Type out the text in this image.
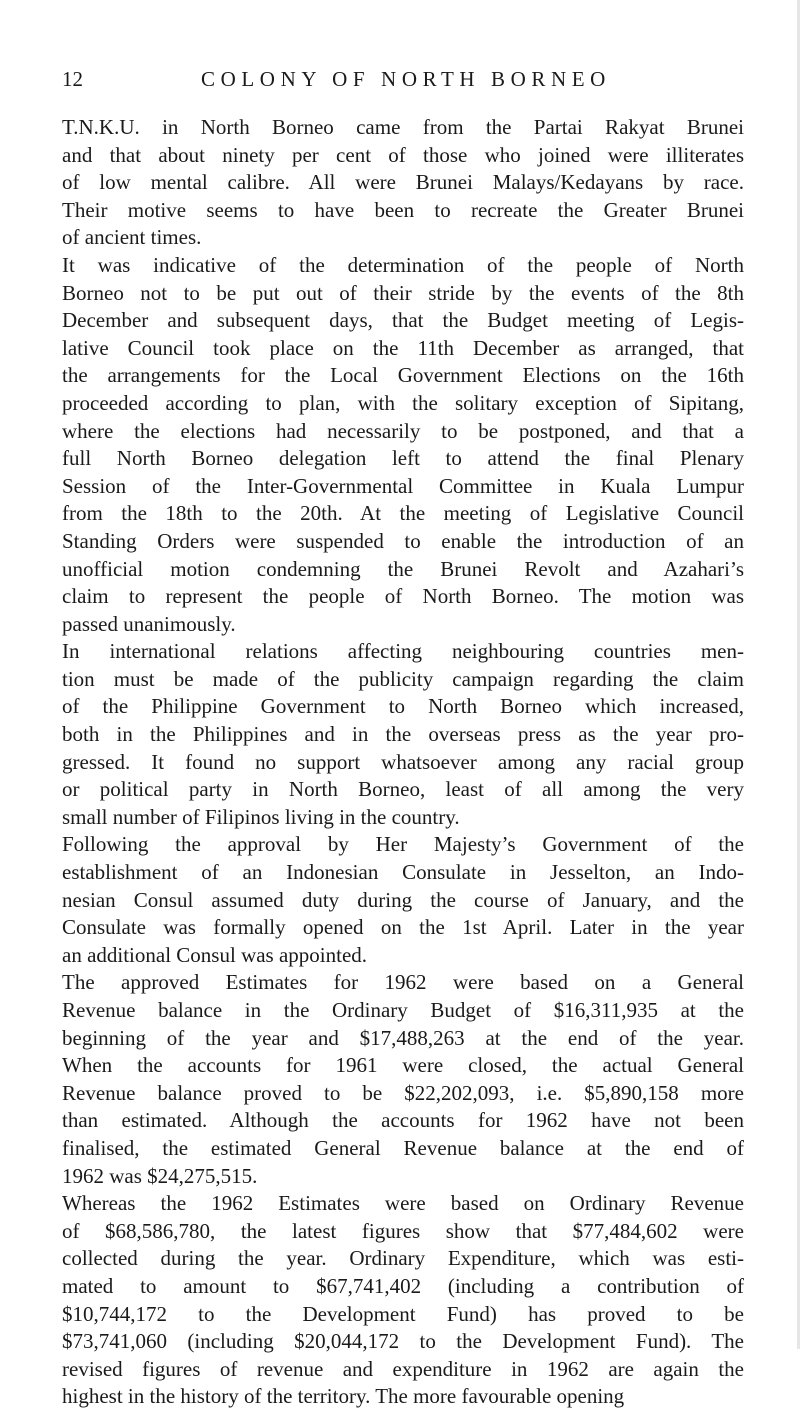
12	COLONY OF NORTH BORNEO
T.N.K.U. in North Borneo came from the Partai Rakyat Brunei
and that about ninety per cent of those who joined were illiterates
of low mental calibre. All were Brunei Malays/Kedayans by race.
Their motive seems to have been to recreate the Greater Brunei
of ancient times.
It was indicative of the determination of the people of North
Borneo not to be put out of their stride by the events of the 8th
December and subsequent days, that the Budget meeting of Legis-
lative Council took place on the 11th December as arranged, that
the arrangements for the Local Government Elections on the 16th
proceeded according to plan, with the solitary exception of Sipitang,
where the elections had necessarily to be postponed, and that a
full North Borneo delegation left to attend the final Plenary
Session of the Inter-Governmental Committee in Kuala Lumpur
from the 18th to the 20th. At the meeting of Legislative Council
Standing Orders were suspended to enable the introduction of an
unofficial motion condemning the Brunei Revolt and Azahari’s
claim to represent the people of North Borneo. The motion was
passed unanimously.
In international relations affecting neighbouring countries men-
tion must be made of the publicity campaign regarding the claim
of the Philippine Government to North Borneo which increased,
both in the Philippines and in the overseas press as the year pro-
gressed. It found no support whatsoever among any racial group
or political party in North Borneo, least of all among the very
small number of Filipinos living in the country.
Following the approval by Her Majesty’s Government of the
establishment of an Indonesian Consulate in Jesselton, an Indo-
nesian Consul assumed duty during the course of January, and the
Consulate was formally opened on the 1st April. Later in the year
an additional Consul was appointed.
The approved Estimates for 1962 were based on a General
Revenue balance in the Ordinary Budget of $16,311,935 at the
beginning of the year and $17,488,263 at the end of the year.
When the accounts for 1961 were closed, the actual General
Revenue balance proved to be $22,202,093, i.e. $5,890,158 more
than estimated. Although the accounts for 1962 have not been
finalised, the estimated General Revenue balance at the end of
1962 was $24,275,515.
Whereas the 1962 Estimates were based on Ordinary Revenue
of $68,586,780, the latest figures show that $77,484,602 were
collected during the year. Ordinary Expenditure, which was esti-
mated to amount to $67,741,402 (including a contribution of
$10,744,172 to the Development Fund) has proved to be
$73,741,060 (including $20,044,172 to the Development Fund). The
revised figures of revenue and expenditure in 1962 are again the
highest in the history of the territory. The more favourable opening
